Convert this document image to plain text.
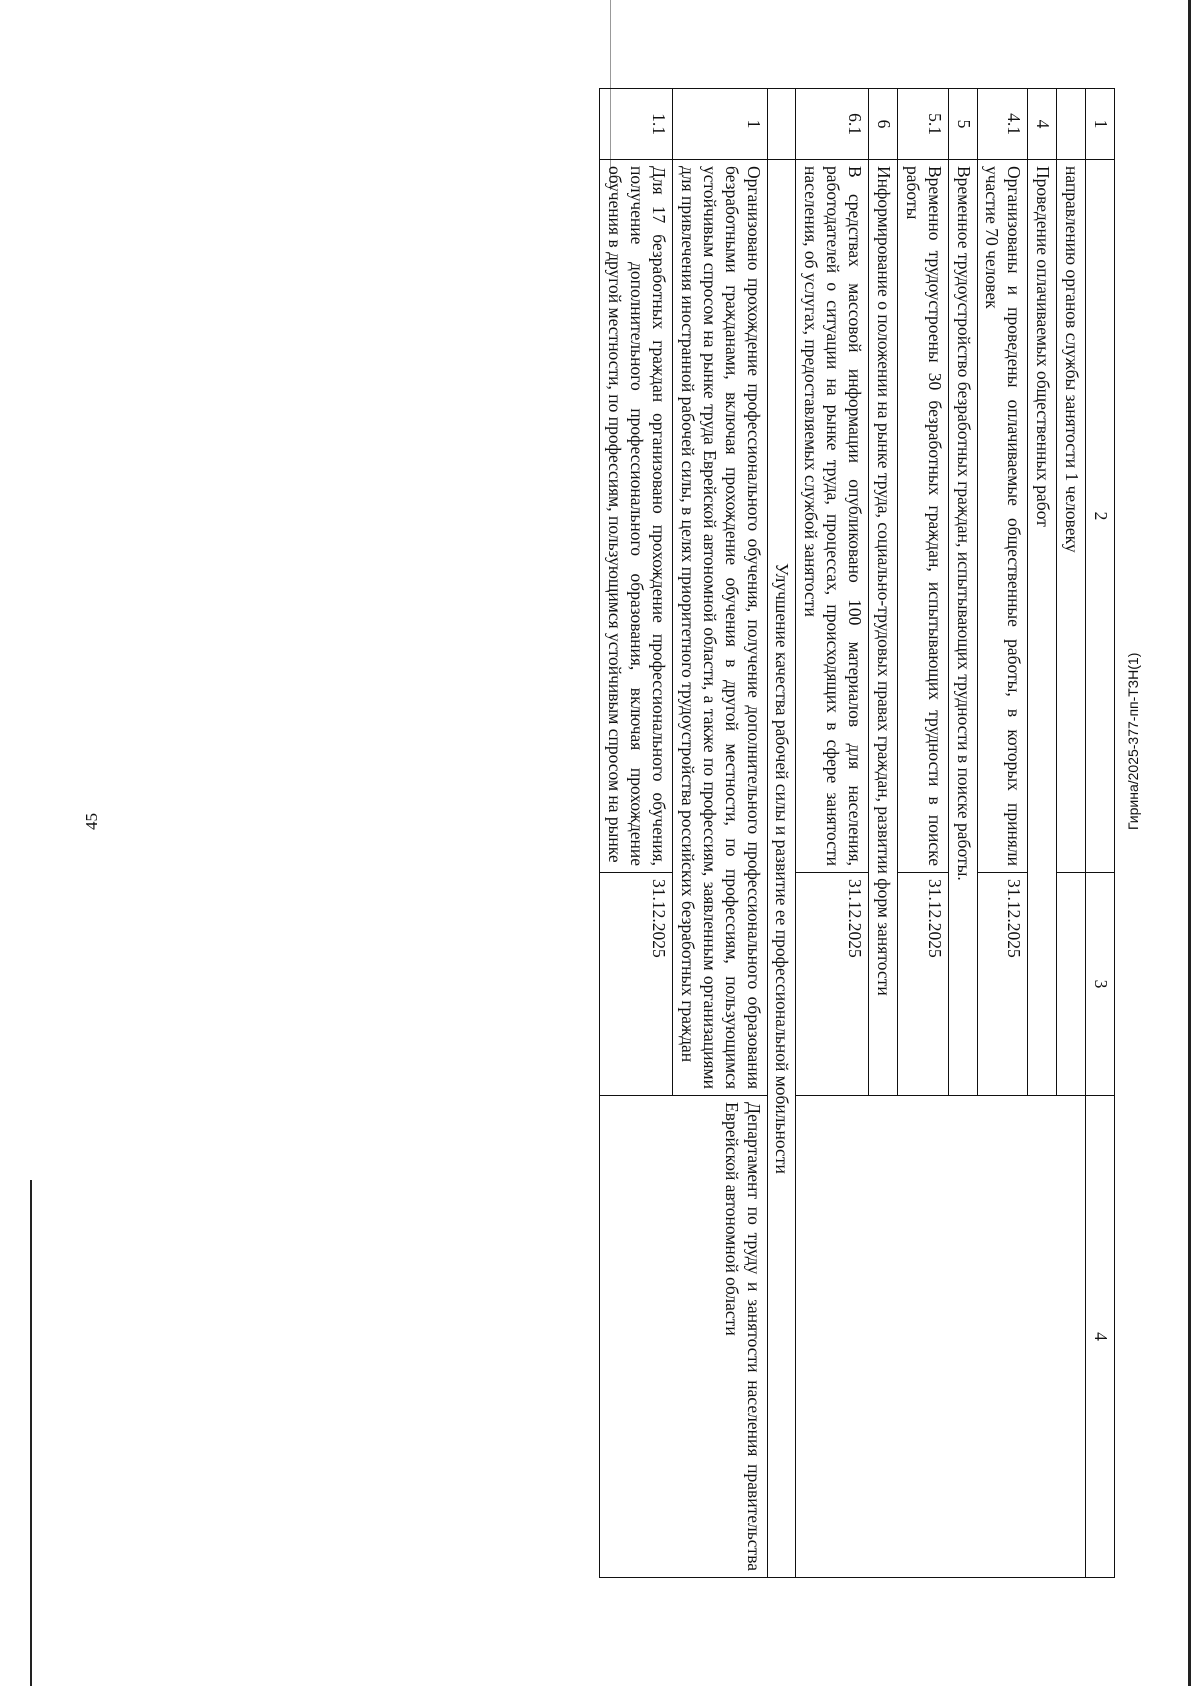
45	Гирина/2025-377-пп-ТЗН(1)
1	2	3	4
	направлению органов службы занятости 1 человеку		
4	Проведение оплачиваемых общественных работ		
4.1	Организованы и проведены оплачиваемые общественные работы, в которых приняли участие 70 человек	31.12.2025	
5	Временное трудоустройство безработных граждан, испытывающих трудности в поиске работы.		
5.1	Временно трудоустроены 30 безработных граждан, испытывающих трудности в поиске работы	31.12.2025	
6	Информирование о положении на рынке труда, социально-трудовых правах граждан, развитии форм занятости		
6.1	В средствах массовой информации опубликовано 100 материалов для населения, работодателей о ситуации на рынке труда, процессах, происходящих в сфере занятости населения, об услугах, предоставляемых службой занятости	31.12.2025	
	Улучшение качества рабочей силы и развитие ее профессиональной мобильности		
1	Организовано прохождение профессионального обучения, получение дополнительного профессионального образования безработными гражданами, включая прохождение обучения в другой местности, по профессиям, пользующимся устойчивым спросом на рынке труда Еврейской автономной области, а также по профессиям, заявленным организациями для привлечения иностранной рабочей силы, в целях приоритетного трудоустройства российских безработных граждан		Департамент по труду и занятости населения правительства Еврейской автономной области
1.1	Для 17 безработных граждан организовано прохождение профессионального обучения, получение дополнительного профессионального образования, включая прохождение обучения в другой местности, по профессиям, пользующимся устойчивым спросом на рынке	31.12.2025	
